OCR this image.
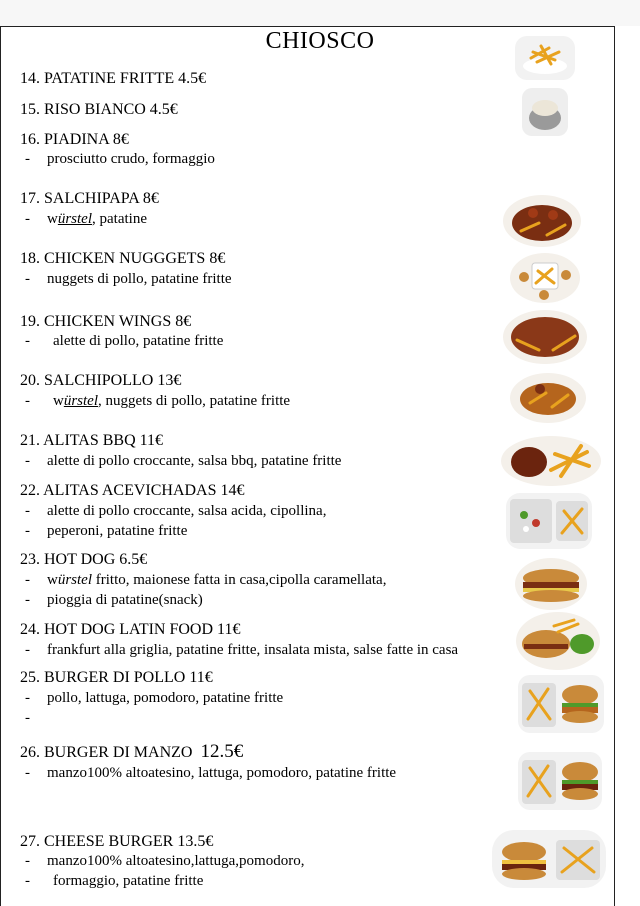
CHIOSCO
14. PATATINE FRITTE 4.5€
15. RISO BIANCO 4.5€
16. PIADINA 8€
- prosciutto crudo, formaggio
17. SALCHIPAPA 8€
- würstel, patatine
18. CHICKEN NUGGGETS 8€
- nuggets di pollo, patatine fritte
19. CHICKEN WINGS 8€
- alette di pollo, patatine fritte
20. SALCHIPOLLO 13€
- würstel, nuggets di pollo, patatine fritte
21. ALITAS BBQ 11€
- alette di pollo croccante, salsa bbq, patatine fritte
22. ALITAS ACEVICHADAS 14€
- alette di pollo croccante, salsa acida, cipollina,
- peperoni, patatine fritte
23. HOT DOG 6.5€
- würstel fritto, maionese fatta in casa,cipolla caramellata,
- pioggia di patatine(snack)
24. HOT DOG LATIN FOOD 11€
- frankfurt alla griglia, patatine fritte, insalata mista, salse fatte in casa
25. BURGER DI POLLO 11€
- pollo, lattuga, pomodoro, patatine fritte
-
26. BURGER DI MANZO 12.5€
- manzo100% altoatesino, lattuga, pomodoro, patatine fritte
27. CHEESE BURGER 13.5€
- manzo100% altoatesino,lattuga,pomodoro,
- formaggio, patatine fritte
